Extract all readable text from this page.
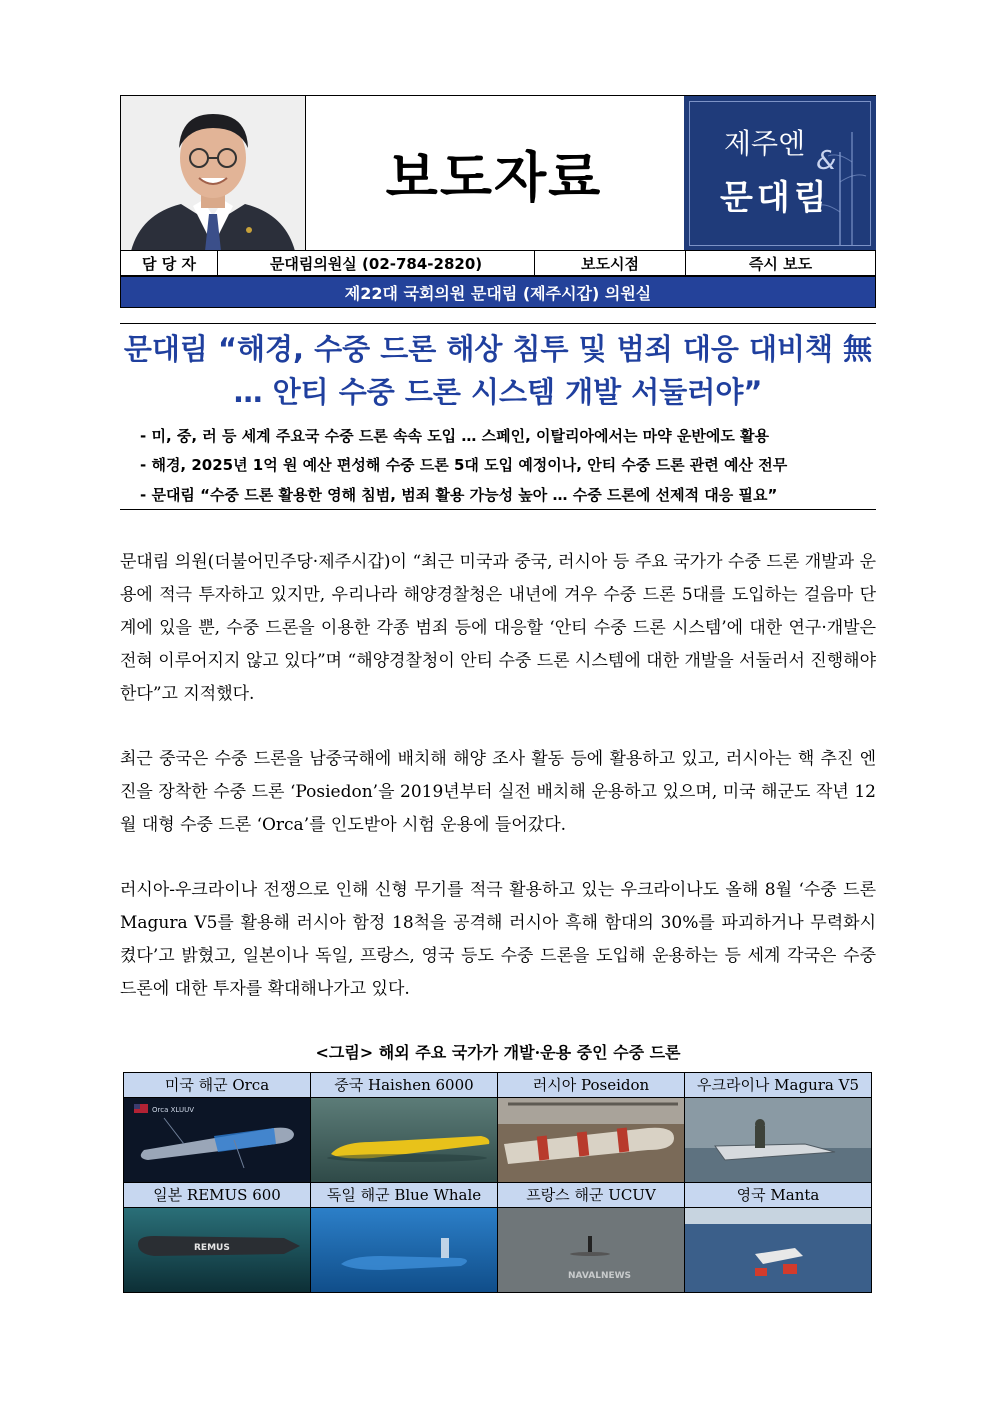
보도자료
제주엔
&
문대림
담 당 자	문대림의원실 (02-784-2820)	보도시점	즉시 보도
제22대 국회의원 문대림 (제주시갑) 의원실
문대림 “해경, 수중 드론 해상 침투 및 범죄 대응 대비책 無
… 안티 수중 드론 시스템 개발 서둘러야”
- 미, 중, 러 등 세계 주요국 수중 드론 속속 도입 … 스페인, 이탈리아에서는 마약 운반에도 활용
- 해경, 2025년 1억 원 예산 편성해 수중 드론 5대 도입 예정이나, 안티 수중 드론 관련 예산 전무
- 문대림 “수중 드론 활용한 영해 침범, 범죄 활용 가능성 높아 … 수중 드론에 선제적 대응 필요”
문대림 의원(더불어민주당·제주시갑)이 “최근 미국과 중국, 러시아 등 주요 국가가 수중 드론 개발과 운용에 적극 투자하고 있지만, 우리나라 해양경찰청은 내년에 겨우 수중 드론 5대를 도입하는 걸음마 단계에 있을 뿐, 수중 드론을 이용한 각종 범죄 등에 대응할 ‘안티 수중 드론 시스템’에 대한 연구·개발은 전혀 이루어지지 않고 있다”며 “해양경찰청이 안티 수중 드론 시스템에 대한 개발을 서둘러서 진행해야 한다”고 지적했다.
최근 중국은 수중 드론을 남중국해에 배치해 해양 조사 활동 등에 활용하고 있고, 러시아는 핵 추진 엔진을 장착한 수중 드론 ‘Posiedon’을 2019년부터 실전 배치해 운용하고 있으며, 미국 해군도 작년 12월 대형 수중 드론 ‘Orca’를 인도받아 시험 운용에 들어갔다.
러시아-우크라이나 전쟁으로 인해 신형 무기를 적극 활용하고 있는 우크라이나도 올해 8월 ‘수중 드론 Magura V5를 활용해 러시아 함정 18척을 공격해 러시아 흑해 함대의 30%를 파괴하거나 무력화시켰다’고 밝혔고, 일본이나 독일, 프랑스, 영국 등도 수중 드론을 도입해 운용하는 등 세계 각국은 수중 드론에 대한 투자를 확대해나가고 있다.
<그림> 해외 주요 국가가 개발·운용 중인 수중 드론
미국 해군 Orca	중국 Haishen 6000	러시아 Poseidon	우크라이나 Magura V5

Orca XLUUV

일본 REMUS 600	독일 해군 Blue Whale	프랑스 해군 UCUV	영국 Manta

REMUS		NAVALNEWS
